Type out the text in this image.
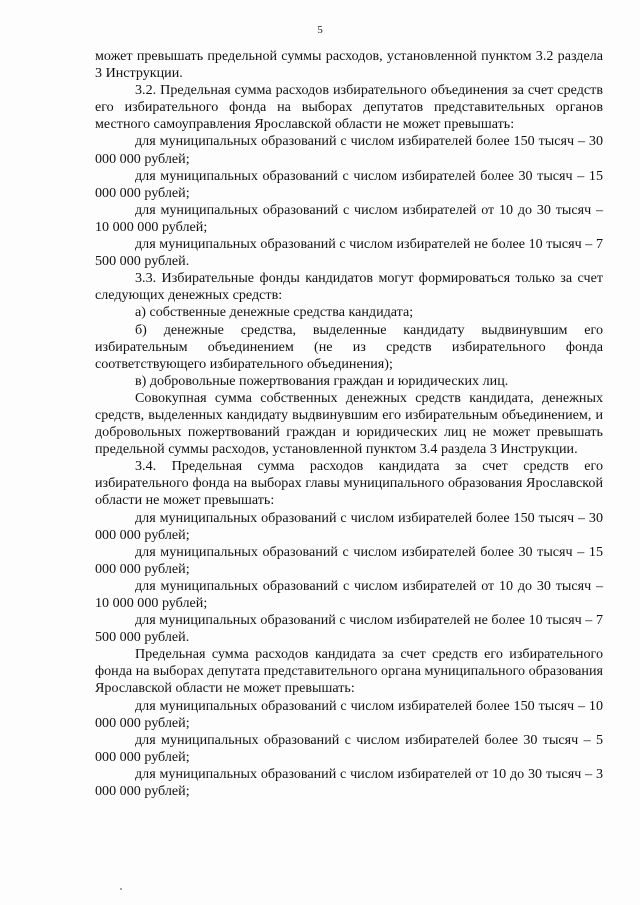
5

может превышать предельной суммы расходов, установленной пунктом 3.2 раздела 3 Инструкции.

3.2. Предельная сумма расходов избирательного объединения за счет средств его избирательного фонда на выборах депутатов представительных органов местного самоуправления Ярославской области не может превышать:

для муниципальных образований с числом избирателей более 150 тысяч – 30 000 000 рублей;

для муниципальных образований с числом избирателей более 30 тысяч – 15 000 000 рублей;

для муниципальных образований с числом избирателей от 10 до 30 тысяч – 10 000 000 рублей;

для муниципальных образований с числом избирателей не более 10 тысяч – 7 500 000 рублей.

3.3. Избирательные фонды кандидатов могут формироваться только за счет следующих денежных средств:

а) собственные денежные средства кандидата;

б) денежные средства, выделенные кандидату выдвинувшим его избирательным объединением (не из средств избирательного фонда соответствующего избирательного объединения);

в) добровольные пожертвования граждан и юридических лиц.

Совокупная сумма собственных денежных средств кандидата, денежных средств, выделенных кандидату выдвинувшим его избирательным объединением, и добровольных пожертвований граждан и юридических лиц не может превышать предельной суммы расходов, установленной пунктом 3.4 раздела 3 Инструкции.

3.4. Предельная сумма расходов кандидата за счет средств его избирательного фонда на выборах главы муниципального образования Ярославской области не может превышать:

для муниципальных образований с числом избирателей более 150 тысяч – 30 000 000 рублей;

для муниципальных образований с числом избирателей более 30 тысяч – 15 000 000 рублей;

для муниципальных образований с числом избирателей от 10 до 30 тысяч – 10 000 000 рублей;

для муниципальных образований с числом избирателей не более 10 тысяч – 7 500 000 рублей.

Предельная сумма расходов кандидата за счет средств его избирательного фонда на выборах депутата представительного органа муниципального образования Ярославской области не может превышать:

для муниципальных образований с числом избирателей более 150 тысяч – 10 000 000 рублей;

для муниципальных образований с числом избирателей более 30 тысяч – 5 000 000 рублей;

для муниципальных образований с числом избирателей от 10 до 30 тысяч – 3 000 000 рублей;
